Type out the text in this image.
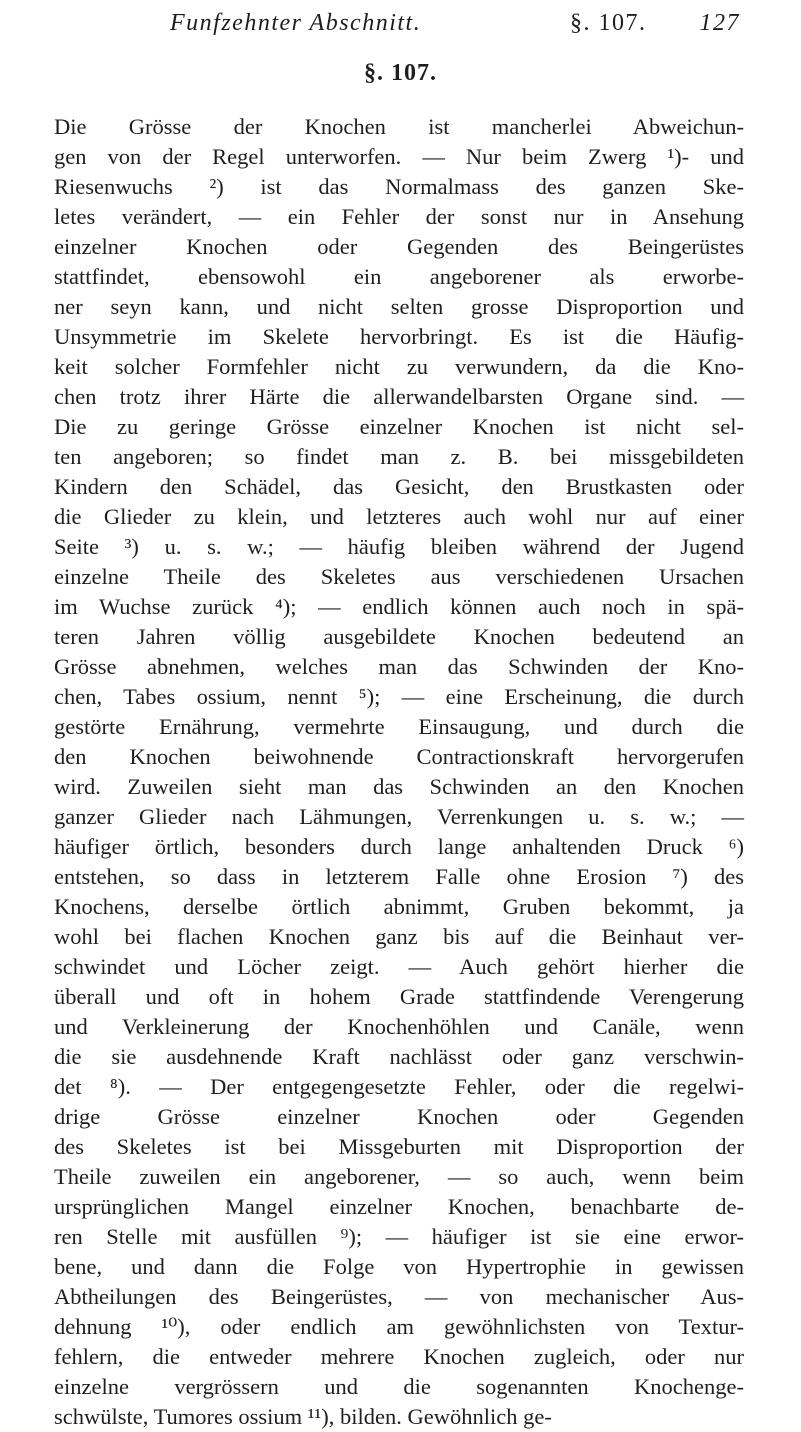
Funfzehnter Abschnitt.	§. 107. 127
§. 107.
Die Grösse der Knochen ist mancherlei Abweichun-
gen von der Regel unterworfen. — Nur beim Zwerg ¹)- und
Riesenwuchs ²) ist das Normalmass des ganzen Ske-
letes verändert, — ein Fehler der sonst nur in Ansehung
einzelner Knochen oder Gegenden des Beingerüstes
stattfindet, ebensowohl ein angeborener als erworbe-
ner seyn kann, und nicht selten grosse Disproportion und
Unsymmetrie im Skelete hervorbringt. Es ist die Häufig-
keit solcher Formfehler nicht zu verwundern, da die Kno-
chen trotz ihrer Härte die allerwandelbarsten Organe sind. —
Die zu geringe Grösse einzelner Knochen ist nicht sel-
ten angeboren; so findet man z. B. bei missgebildeten
Kindern den Schädel, das Gesicht, den Brustkasten oder
die Glieder zu klein, und letzteres auch wohl nur auf einer
Seite ³) u. s. w.; — häufig bleiben während der Jugend
einzelne Theile des Skeletes aus verschiedenen Ursachen
im Wuchse zurück ⁴); — endlich können auch noch in spä-
teren Jahren völlig ausgebildete Knochen bedeutend an
Grösse abnehmen, welches man das Schwinden der Kno-
chen, Tabes ossium, nennt ⁵); — eine Erscheinung, die durch
gestörte Ernährung, vermehrte Einsaugung, und durch die
den Knochen beiwohnende Contractionskraft hervorgerufen
wird. Zuweilen sieht man das Schwinden an den Knochen
ganzer Glieder nach Lähmungen, Verrenkungen u. s. w.; —
häufiger örtlich, besonders durch lange anhaltenden Druck ⁶)
entstehen, so dass in letzterem Falle ohne Erosion ⁷) des
Knochens, derselbe örtlich abnimmt, Gruben bekommt, ja
wohl bei flachen Knochen ganz bis auf die Beinhaut ver-
schwindet und Löcher zeigt. — Auch gehört hierher die
überall und oft in hohem Grade stattfindende Verengerung
und Verkleinerung der Knochenhöhlen und Canäle, wenn
die sie ausdehnende Kraft nachlässt oder ganz verschwin-
det ⁸). — Der entgegengesetzte Fehler, oder die regelwi-
drige Grösse einzelner Knochen oder Gegenden
des Skeletes ist bei Missgeburten mit Disproportion der
Theile zuweilen ein angeborener, — so auch, wenn beim
ursprünglichen Mangel einzelner Knochen, benachbarte de-
ren Stelle mit ausfüllen ⁹); — häufiger ist sie eine erwor-
bene, und dann die Folge von Hypertrophie in gewissen
Abtheilungen des Beingerüstes, — von mechanischer Aus-
dehnung ¹⁰), oder endlich am gewöhnlichsten von Textur-
fehlern, die entweder mehrere Knochen zugleich, oder nur
einzelne vergrössern und die sogenannten Knochenge-
schwülste, Tumores ossium ¹¹), bilden. Gewöhnlich ge-
